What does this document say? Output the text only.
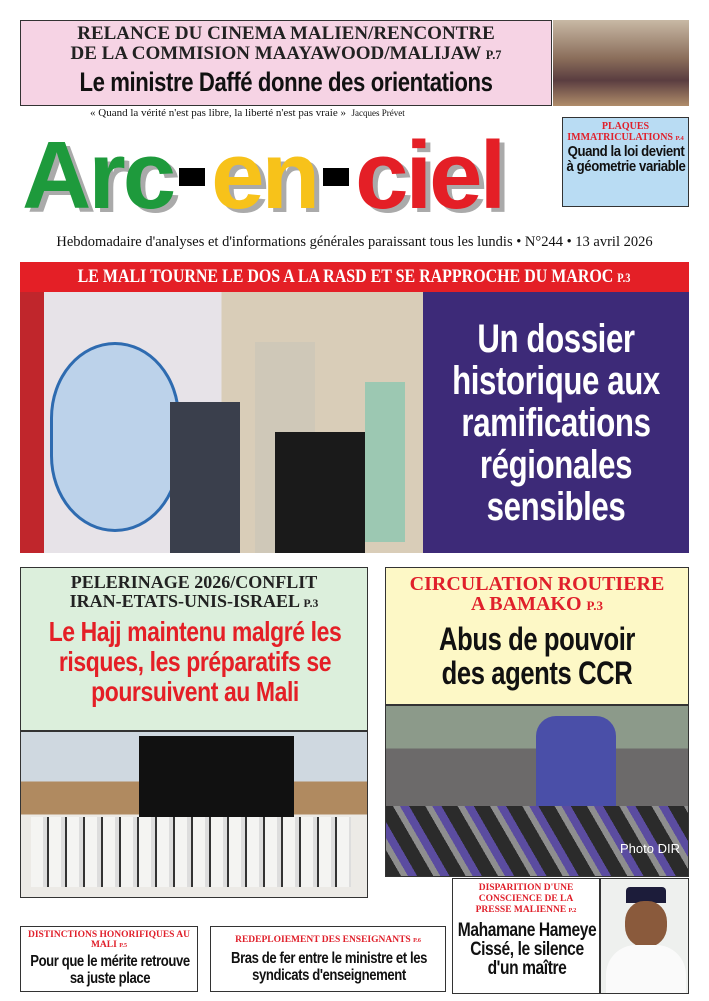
RELANCE DU CINEMA MALIEN/RENCONTRE
DE LA COMMISION MAAYAWOOD/MALIJAW P.7
Le ministre Daffé donne des orientations
« Quand la vérité n'est pas libre, la liberté n'est pas vraie » Jacques Prévet
Arc en ciel	PLAQUES IMMATRICULATIONS P.4
Quand la loi devient à géometrie variable
Hebdomadaire d'analyses et d'informations générales paraissant tous les lundis • N°244 • 13 avril 2026
LE MALI TOURNE LE DOS A LA RASD ET SE RAPPROCHE DU MAROC P.3
Un dossier historique aux ramifications régionales sensibles
PELERINAGE 2026/CONFLIT
IRAN-ETATS-UNIS-ISRAEL P.3
Le Hajj maintenu malgré les risques, les préparatifs se poursuivent au Mali
CIRCULATION ROUTIERE
A BAMAKO P.3
Abus de pouvoir des agents CCR
Photo DIR
DISTINCTIONS HONORIFIQUES AU MALI P.5
Pour que le mérite retrouve sa juste place
REDEPLOIEMENT DES ENSEIGNANTS P.6
Bras de fer entre le ministre et les syndicats d'enseignement
DISPARITION D'UNE CONSCIENCE DE LA PRESSE MALIENNE P.2
Mahamane Hameye Cissé, le silence d'un maître
